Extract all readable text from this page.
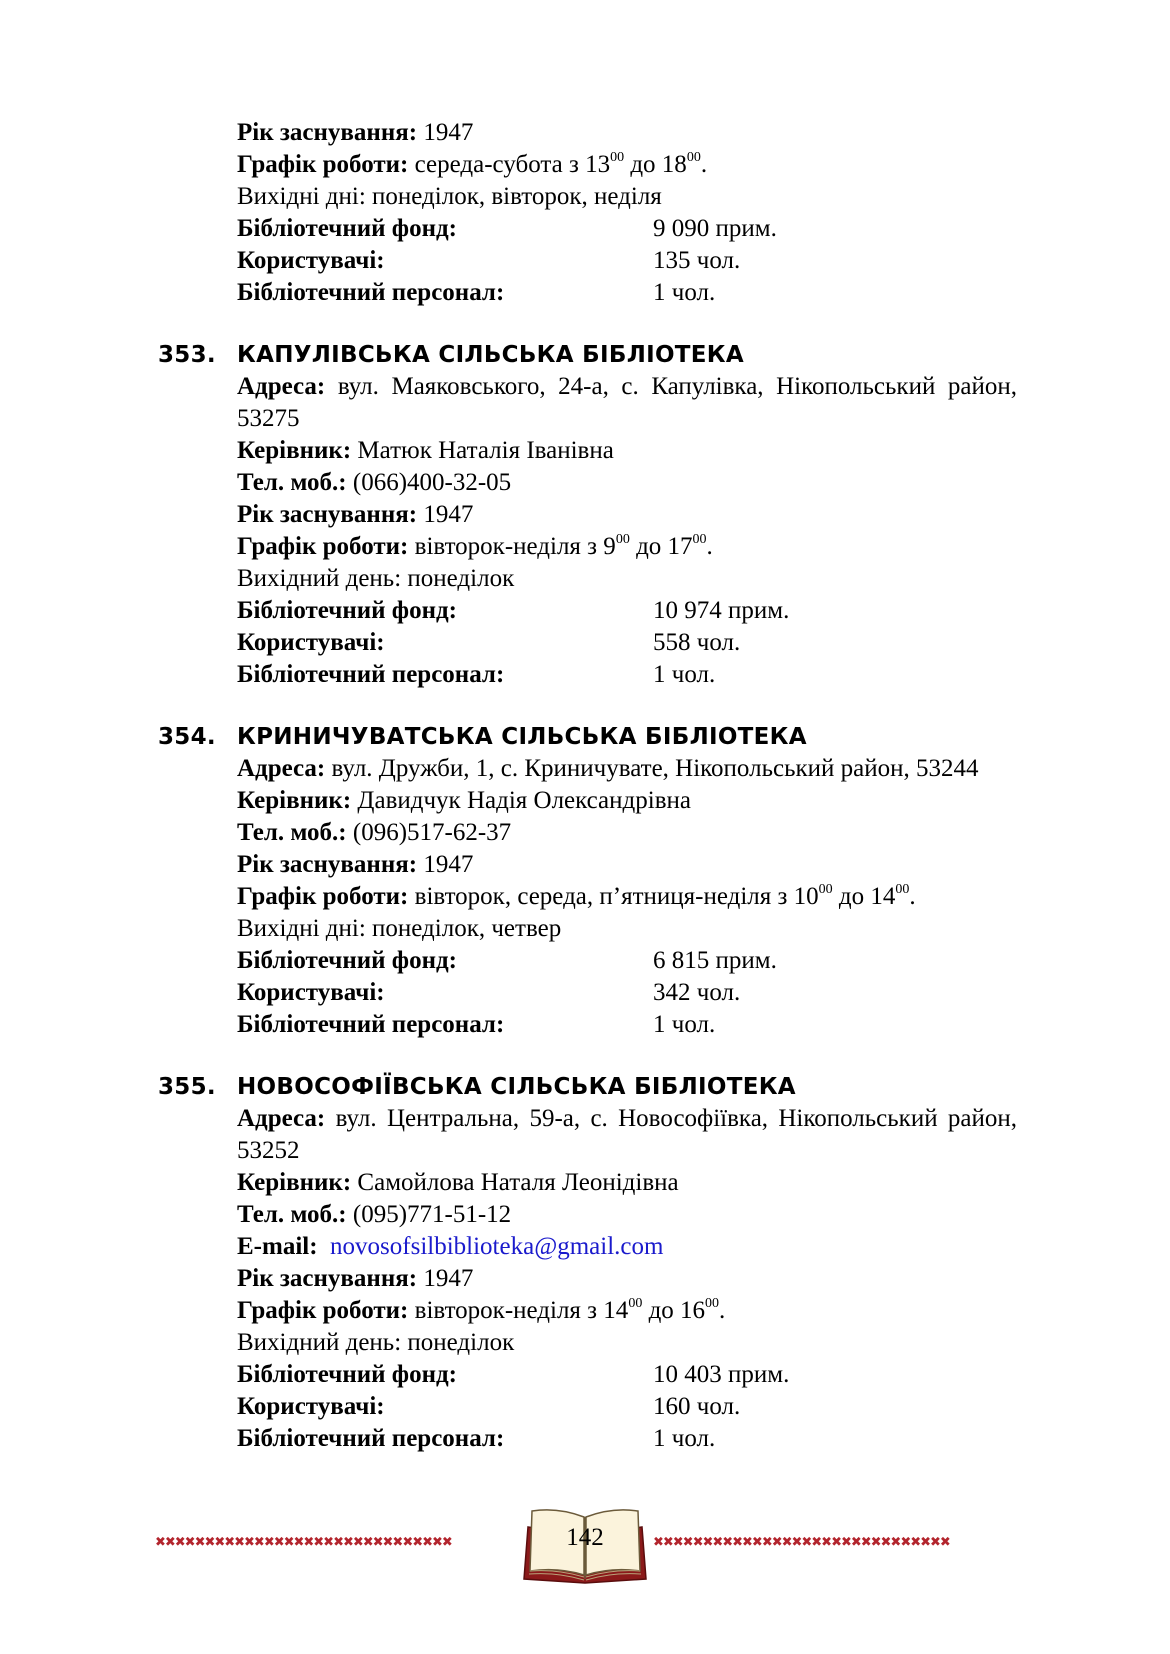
Рік заснування: 1947
Графік роботи: середа-субота з $13^{00}$ до $18^{00}$.
Вихідні дні: понеділок, вівторок, неділя
Бібліотечний фонд:	9 090 прим.
Користувачі:	135 чол.
Бібліотечний персонал:	1 чол.
353. КАПУЛІВСЬКА СІЛЬСЬКА БІБЛІОТЕКА
Адреса: вул. Маяковського, 24-а, с. Капулівка, Нікопольський район, 53275
Керівник: Матюк Наталія Іванівна
Тел. моб.: (066)400-32-05
Рік заснування: 1947
Графік роботи: вівторок-неділя з $9^{00}$ до $17^{00}$.
Вихідний день: понеділок
Бібліотечний фонд:	10 974 прим.
Користувачі:	558 чол.
Бібліотечний персонал:	1 чол.
354. КРИНИЧУВАТСЬКА СІЛЬСЬКА БІБЛІОТЕКА
Адреса: вул. Дружби, 1, с. Криничувате, Нікопольський район, 53244
Керівник: Давидчук Надія Олександрівна
Тел. моб.: (096)517-62-37
Рік заснування: 1947
Графік роботи: вівторок, середа, п’ятниця-неділя з $10^{00}$ до $14^{00}$.
Вихідні дні: понеділок, четвер
Бібліотечний фонд:	6 815 прим.
Користувачі:	342 чол.
Бібліотечний персонал:	1 чол.
355. НОВОСОФІЇВСЬКА СІЛЬСЬКА БІБЛІОТЕКА
Адреса: вул. Центральна, 59-а, с. Новософіївка, Нікопольський район, 53252
Керівник: Самойлова Наталя Леонідівна
Тел. моб.: (095)771-51-12
E-mail: novosofsilbiblioteka@gmail.com
Рік заснування: 1947
Графік роботи: вівторок-неділя з $14^{00}$ до $16^{00}$.
Вихідний день: понеділок
Бібліотечний фонд:	10 403 прим.
Користувачі:	160 чол.
Бібліотечний персонал:	1 чол.
✖✖✖✖✖✖✖✖✖✖✖✖✖✖✖✖✖✖✖✖✖✖✖✖✖✖✖✖✖✖	142	✖✖✖✖✖✖✖✖✖✖✖✖✖✖✖✖✖✖✖✖✖✖✖✖✖✖✖✖✖✖
